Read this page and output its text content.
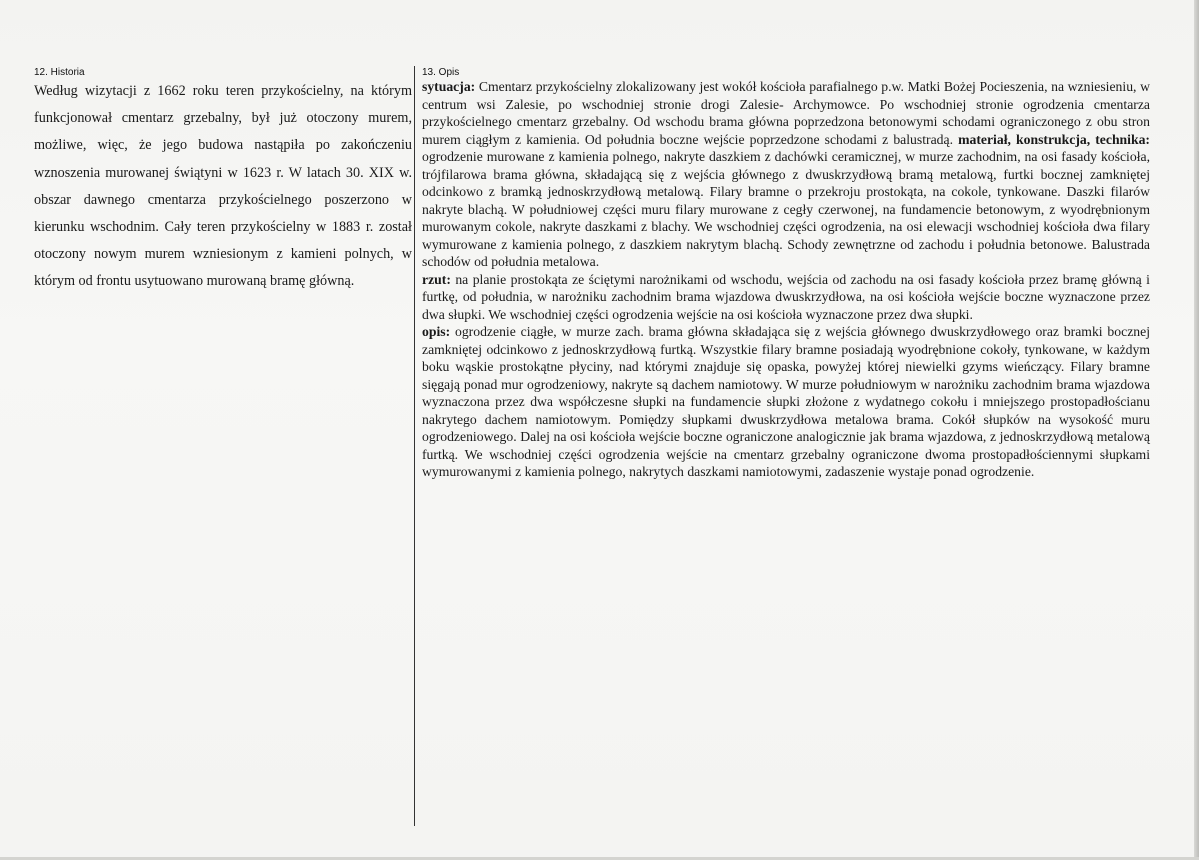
12. Historia

Według wizytacji z 1662 roku teren przykościelny, na którym funkcjonował cmentarz grzebalny, był już otoczony murem, możliwe, więc, że jego budowa nastąpiła po zakończeniu wznoszenia murowanej świątyni w 1623 r. W latach 30. XIX w. obszar dawnego cmentarza przykościelnego poszerzono w kierunku wschodnim. Cały teren przykościelny w 1883 r. został otoczony nowym murem wzniesionym z kamieni polnych, w którym od frontu usytuowano murowaną bramę główną.

13. Opis

sytuacja: Cmentarz przykościelny zlokalizowany jest wokół kościoła parafialnego p.w. Matki Bożej Pocieszenia, na wzniesieniu, w centrum wsi Zalesie, po wschodniej stronie drogi Zalesie- Archymowce. Po wschodniej stronie ogrodzenia cmentarza przykościelnego cmentarz grzebalny. Od wschodu brama główna poprzedzona betonowymi schodami ograniczonego z obu stron murem ciągłym z kamienia. Od południa boczne wejście poprzedzone schodami z balustradą. materiał, konstrukcja, technika: ogrodzenie murowane z kamienia polnego, nakryte daszkiem z dachówki ceramicznej, w murze zachodnim, na osi fasady kościoła, trójfilarowa brama główna, składającą się z wejścia głównego z dwuskrzydłową bramą metalową, furtki bocznej zamkniętej odcinkowo z bramką jednoskrzydłową metalową. Filary bramne o przekroju prostokąta, na cokole, tynkowane. Daszki filarów nakryte blachą. W południowej części muru filary murowane z cegły czerwonej, na fundamencie betonowym, z wyodrębnionym murowanym cokole, nakryte daszkami z blachy. We wschodniej części ogrodzenia, na osi elewacji wschodniej kościoła dwa filary wymurowane z kamienia polnego, z daszkiem nakrytym blachą. Schody zewnętrzne od zachodu i południa betonowe. Balustrada schodów od południa metalowa.

rzut: na planie prostokąta ze ściętymi narożnikami od wschodu, wejścia od zachodu na osi fasady kościoła przez bramę główną i furtkę, od południa, w narożniku zachodnim brama wjazdowa dwuskrzydłowa, na osi kościoła wejście boczne wyznaczone przez dwa słupki. We wschodniej części ogrodzenia wejście na osi kościoła wyznaczone przez dwa słupki.

opis: ogrodzenie ciągłe, w murze zach. brama główna składająca się z wejścia głównego dwuskrzydłowego oraz bramki bocznej zamkniętej odcinkowo z jednoskrzydłową furtką. Wszystkie filary bramne posiadają wyodrębnione cokoły, tynkowane, w każdym boku wąskie prostokątne płyciny, nad którymi znajduje się opaska, powyżej której niewielki gzyms wieńczący. Filary bramne sięgają ponad mur ogrodzeniowy, nakryte są dachem namiotowy. W murze południowym w narożniku zachodnim brama wjazdowa wyznaczona przez dwa współczesne słupki na fundamencie słupki złożone z wydatnego cokołu i mniejszego prostopadłościanu nakrytego dachem namiotowym. Pomiędzy słupkami dwuskrzydłowa metalowa brama. Cokół słupków na wysokość muru ogrodzeniowego. Dalej na osi kościoła wejście boczne ograniczone analogicznie jak brama wjazdowa, z jednoskrzydłową metalową furtką. We wschodniej części ogrodzenia wejście na cmentarz grzebalny ograniczone dwoma prostopadłościennymi słupkami wymurowanymi z kamienia polnego, nakrytych daszkami namiotowymi, zadaszenie wystaje ponad ogrodzenie.
